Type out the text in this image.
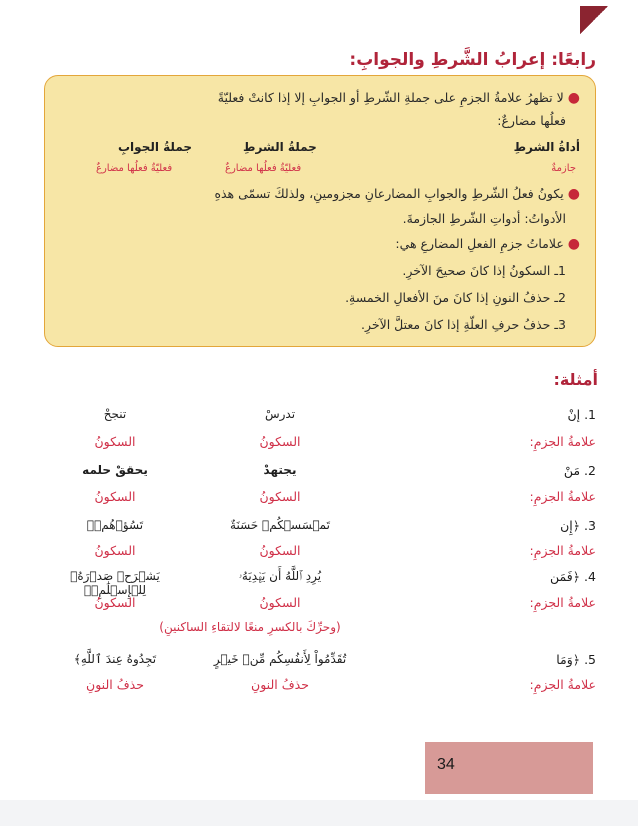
رابعًا: إعرابُ الشَّرطِ والجوابِ:
●لا تظهرُ علامةُ الجزمِ على جملةِ الشّرطِ أو الجوابِ إلا إذا كانتْ فعليّةً
فعلُها مضارعٌ:
أداةُ الشرطِ
جملةُ الشرطِ
جملةُ الجوابِ
جازمةٌ
فعليّةٌ فعلُها مضارعٌ
فعليّةٌ فعلُها مضارعٌ
●يكونُ فعلُ الشّرطِ والجوابِ المضارعانِ مجزومينِ، ولذلكَ تسمّى هذهِ
الأدواتُ: أدواتِ الشّرطِ الجازمةَ.
●علاماتُ جزمِ الفعلِ المضارعِ هي:
1ـ السكونُ إذا كانَ صحيحَ الآخرِ.
2ـ حذفُ النونِ إذا كانَ منَ الأفعالِ الخمسةِ.
3ـ حذفُ حرفِ العلّةِ إذا كانَ معتلَّ الآخرِ.
أمثلة:
1. إنْ
تدرسْ
تنجحْ
علامةُ الجزمِ:
السكونُ
السكونُ
2. مَنْ
يجتهدْ
يحققْ حلمه
علامةُ الجزمِ:
السكونُ
السكونُ
3. ﴿إِن
تَمۡسَسۡكُمۡ حَسَنَةٌ
تَسُؤۡهُمۡ﴾
علامةُ الجزمِ:
السكونُ
السكونُ
4. ﴿فَمَن
يُرِدِ ٱللَّهُ أَن يَهۡدِيَهُۥ
يَشۡرَحۡ صَدۡرَهُۥ لِلۡإِسۡلَٰمِۖ﴾
علامةُ الجزمِ:
السكونُ
السكونُ
(وحرِّكَ بالكسرِ منعًا لالتقاءِ الساكنينِ)
5. ﴿وَمَا
تُقَدِّمُواْ لِأَنفُسِكُم مِّنۡ خَيۡرٍ
تَجِدُوهُ عِندَ ٱللَّهِ﴾
علامةُ الجزمِ:
حذفُ النونِ
حذفُ النونِ
34
